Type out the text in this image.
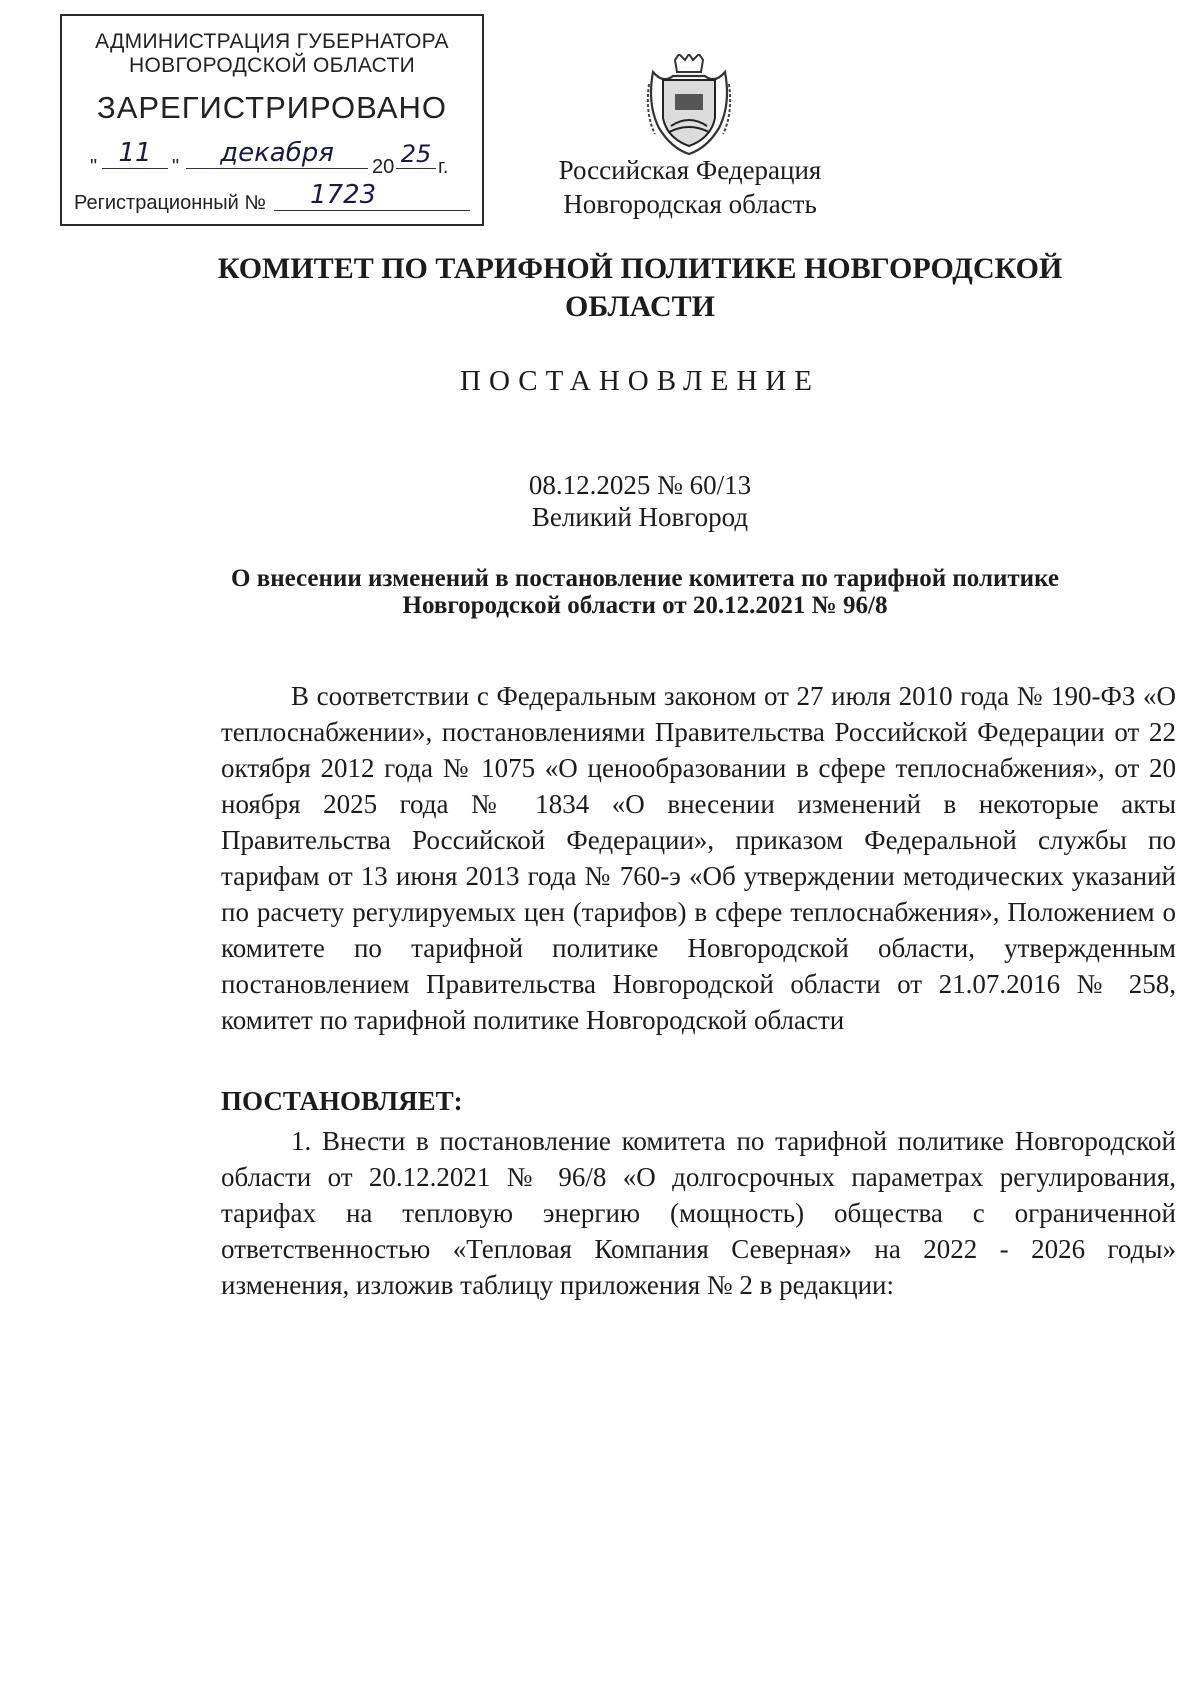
АДМИНИСТРАЦИЯ ГУБЕРНАТОРА
НОВГОРОДСКОЙ ОБЛАСТИ
ЗАРЕГИСТРИРОВАНО
" 11	"	декабря	20 25 г.
Регистрационный №	1723
Российская Федерация
Новгородская область
КОМИТЕТ ПО ТАРИФНОЙ ПОЛИТИКЕ НОВГОРОДСКОЙ ОБЛАСТИ
ПОСТАНОВЛЕНИЕ
08.12.2025 № 60/13
Великий Новгород
О внесении изменений в постановление комитета по тарифной политике Новгородской области от 20.12.2021 № 96/8
В соответствии с Федеральным законом от 27 июля 2010 года № 190-ФЗ «О теплоснабжении», постановлениями Правительства Российской Федерации от 22 октября 2012 года № 1075 «О ценообразовании в сфере теплоснабжения», от 20 ноября 2025 года № 1834 «О внесении изменений в некоторые акты Правительства Российской Федерации», приказом Федеральной службы по тарифам от 13 июня 2013 года № 760-э «Об утверждении методических указаний по расчету регулируемых цен (тарифов) в сфере теплоснабжения», Положением о комитете по тарифной политике Новгородской области, утвержденным постановлением Правительства Новгородской области от 21.07.2016 № 258, комитет по тарифной политике Новгородской области
ПОСТАНОВЛЯЕТ:
1. Внести в постановление комитета по тарифной политике Новгородской области от 20.12.2021 № 96/8 «О долгосрочных параметрах регулирования, тарифах на тепловую энергию (мощность) общества с ограниченной ответственностью «Тепловая Компания Северная» на 2022 - 2026 годы» изменения, изложив таблицу приложения № 2 в редакции:
